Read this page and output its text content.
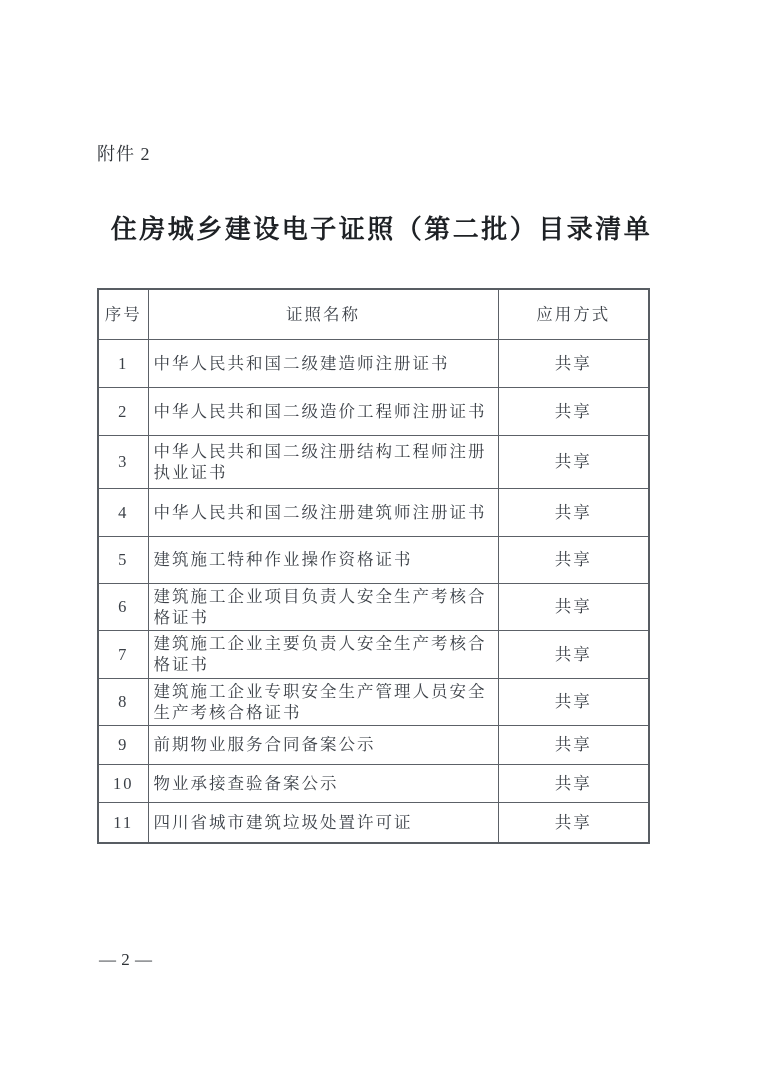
附件 2
住房城乡建设电子证照（第二批）目录清单
序号	证照名称	应用方式
1	中华人民共和国二级建造师注册证书	共享
2	中华人民共和国二级造价工程师注册证书	共享
3	中华人民共和国二级注册结构工程师注册执业证书	共享
4	中华人民共和国二级注册建筑师注册证书	共享
5	建筑施工特种作业操作资格证书	共享
6	建筑施工企业项目负责人安全生产考核合格证书	共享
7	建筑施工企业主要负责人安全生产考核合格证书	共享
8	建筑施工企业专职安全生产管理人员安全生产考核合格证书	共享
9	前期物业服务合同备案公示	共享
10	物业承接查验备案公示	共享
11	四川省城市建筑垃圾处置许可证	共享
— 2 —
